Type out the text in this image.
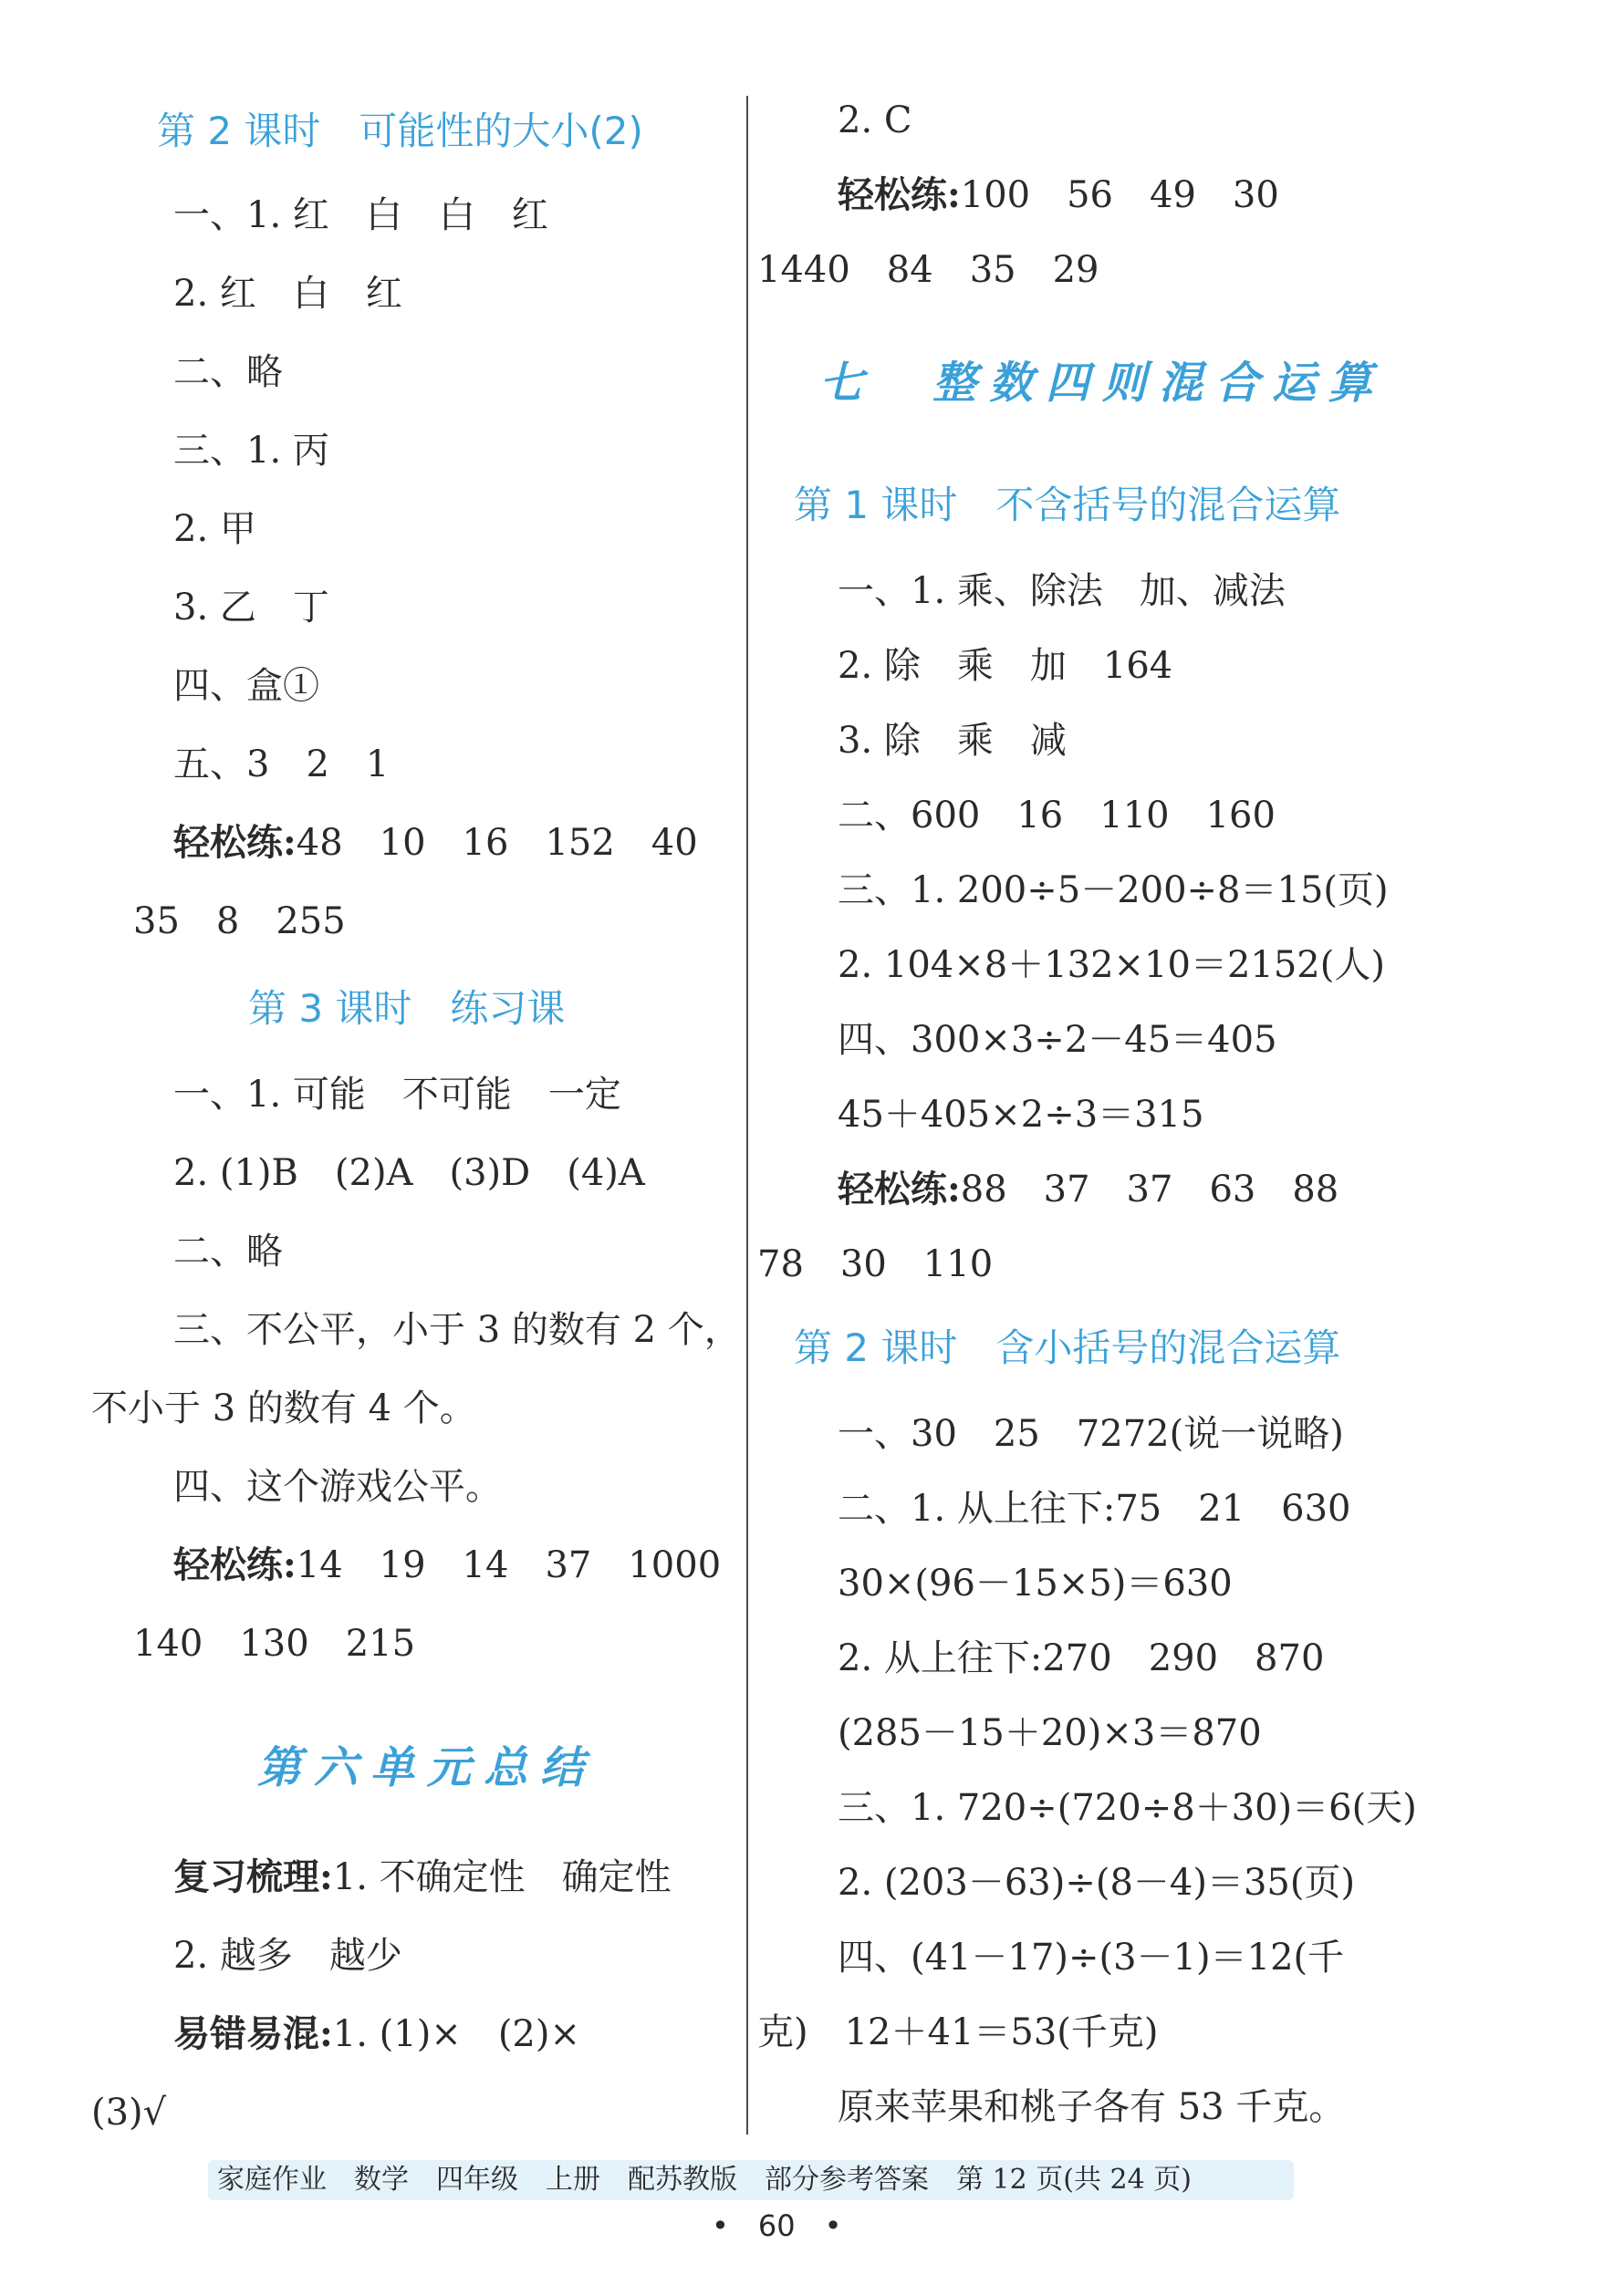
第 2 课时　可能性的大小(2)
一、1. 红　白　白　红
2. 红　白　红
二、略
三、1. 丙
2. 甲
3. 乙　丁
四、盒①
五、3　2　1
轻松练:48　10　16　152　40
35　8　255
第 3 课时　练习课
一、1. 可能　不可能　一定
2. (1)B　(2)A　(3)D　(4)A
二、略
三、不公平，小于 3 的数有 2 个，
不小于 3 的数有 4 个。
四、这个游戏公平。
轻松练:14　19　14　37　1000
140　130　215
第六单元总结
复习梳理:1. 不确定性　确定性
2. 越多　越少
易错易混:1. (1)×　(2)×
(3)√
2. C
轻松练:100　56　49　30
1440　84　35　29
七　整数四则混合运算
第 1 课时　不含括号的混合运算
一、1. 乘、除法　加、减法
2. 除　乘　加　164
3. 除　乘　减
二、600　16　110　160
三、1. 200÷5－200÷8＝15(页)
2. 104×8＋132×10＝2152(人)
四、300×3÷2－45＝405
45＋405×2÷3＝315
轻松练:88　37　37　63　88
78　30　110
第 2 课时　含小括号的混合运算
一、30　25　7272(说一说略)
二、1. 从上往下:75　21　630
30×(96－15×5)＝630
2. 从上往下:270　290　870
(285－15＋20)×3＝870
三、1. 720÷(720÷8＋30)＝6(天)
2. (203－63)÷(8－4)＝35(页)
四、(41－17)÷(3－1)＝12(千
克)　12＋41＝53(千克)
原来苹果和桃子各有 53 千克。
家庭作业　数学　四年级　上册　配苏教版　部分参考答案　第 12 页(共 24 页)
•　60　•
